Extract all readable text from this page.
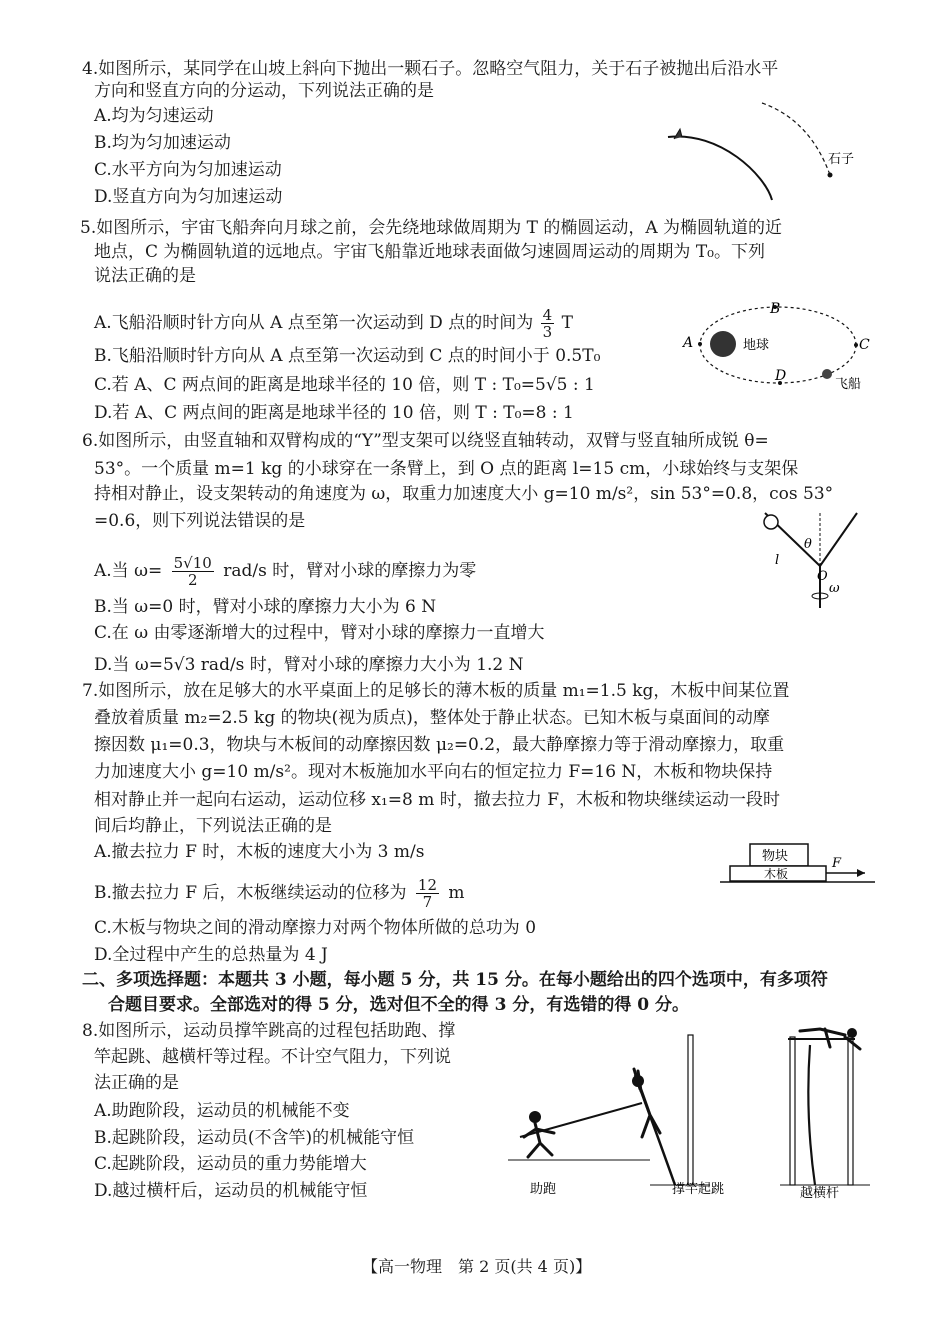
4.如图所示，某同学在山坡上斜向下抛出一颗石子。忽略空气阻力，关于石子被抛出后沿水平
方向和竖直方向的分运动，下列说法正确的是
A.均为匀速运动
B.均为匀加速运动
C.水平方向为匀加速运动
D.竖直方向为匀加速运动
石子
5.如图所示，宇宙飞船奔向月球之前，会先绕地球做周期为 T 的椭圆运动，A 为椭圆轨道的近
地点，C 为椭圆轨道的远地点。宇宙飞船靠近地球表面做匀速圆周运动的周期为 T₀。下列
说法正确的是
A.飞船沿顺时针方向从 A 点至第一次运动到 D 点的时间为 $\frac{4}{3}$ T
B.飞船沿顺时针方向从 A 点至第一次运动到 C 点的时间小于 0.5T₀
C.若 A、C 两点间的距离是地球半径的 10 倍，则 T : T₀=5√5 : 1
D.若 A、C 两点间的距离是地球半径的 10 倍，则 T : T₀=8 : 1
地球
A
B
C
D
飞船
6.如图所示，由竖直轴和双臂构成的“Y”型支架可以绕竖直轴转动，双臂与竖直轴所成锐 θ=
53°。一个质量 m=1 kg 的小球穿在一条臂上，到 O 点的距离 l=15 cm，小球始终与支架保
持相对静止，设支架转动的角速度为 ω，取重力加速度大小 g=10 m/s²，sin 53°=0.8，cos 53°
=0.6，则下列说法错误的是
A.当 $\omega= \frac{5√10}{2} rad/s$ 时，臂对小球的摩擦力为零
B.当 ω=0 时，臂对小球的摩擦力大小为 6 N
C.在 ω 由零逐渐增大的过程中，臂对小球的摩擦力一直增大
D.当 ω=5√3 rad/s 时，臂对小球的摩擦力大小为 1.2 N
θ
l
O
ω
7.如图所示，放在足够大的水平桌面上的足够长的薄木板的质量 m₁=1.5 kg，木板中间某位置
叠放着质量 m₂=2.5 kg 的物块(视为质点)，整体处于静止状态。已知木板与桌面间的动摩
擦因数 μ₁=0.3，物块与木板间的动摩擦因数 μ₂=0.2，最大静摩擦力等于滑动摩擦力，取重
力加速度大小 g=10 m/s²。现对木板施加水平向右的恒定拉力 F=16 N，木板和物块保持
相对静止并一起向右运动，运动位移 x₁=8 m 时，撤去拉力 F，木板和物块继续运动一段时
间后均静止，下列说法正确的是
A.撤去拉力 F 时，木板的速度大小为 3 m/s
B.撤去拉力 F 后，木板继续运动的位移为 $\frac{12}{7}$ m
C.木板与物块之间的滑动摩擦力对两个物体所做的总功为 0
D.全过程中产生的总热量为 4 J
物块
木板
F
二、多项选择题：本题共 3 小题，每小题 5 分，共 15 分。在每小题给出的四个选项中，有多项符
合题目要求。全部选对的得 5 分，选对但不全的得 3 分，有选错的得 0 分。
8.如图所示，运动员撑竿跳高的过程包括助跑、撑
竿起跳、越横杆等过程。不计空气阻力，下列说
法正确的是
A.助跑阶段，运动员的机械能不变
B.起跳阶段，运动员(不含竿)的机械能守恒
C.起跳阶段，运动员的重力势能增大
D.越过横杆后，运动员的机械能守恒	助跑	撑竿起跳	越横杆
【高一物理　第 2 页(共 4 页)】
